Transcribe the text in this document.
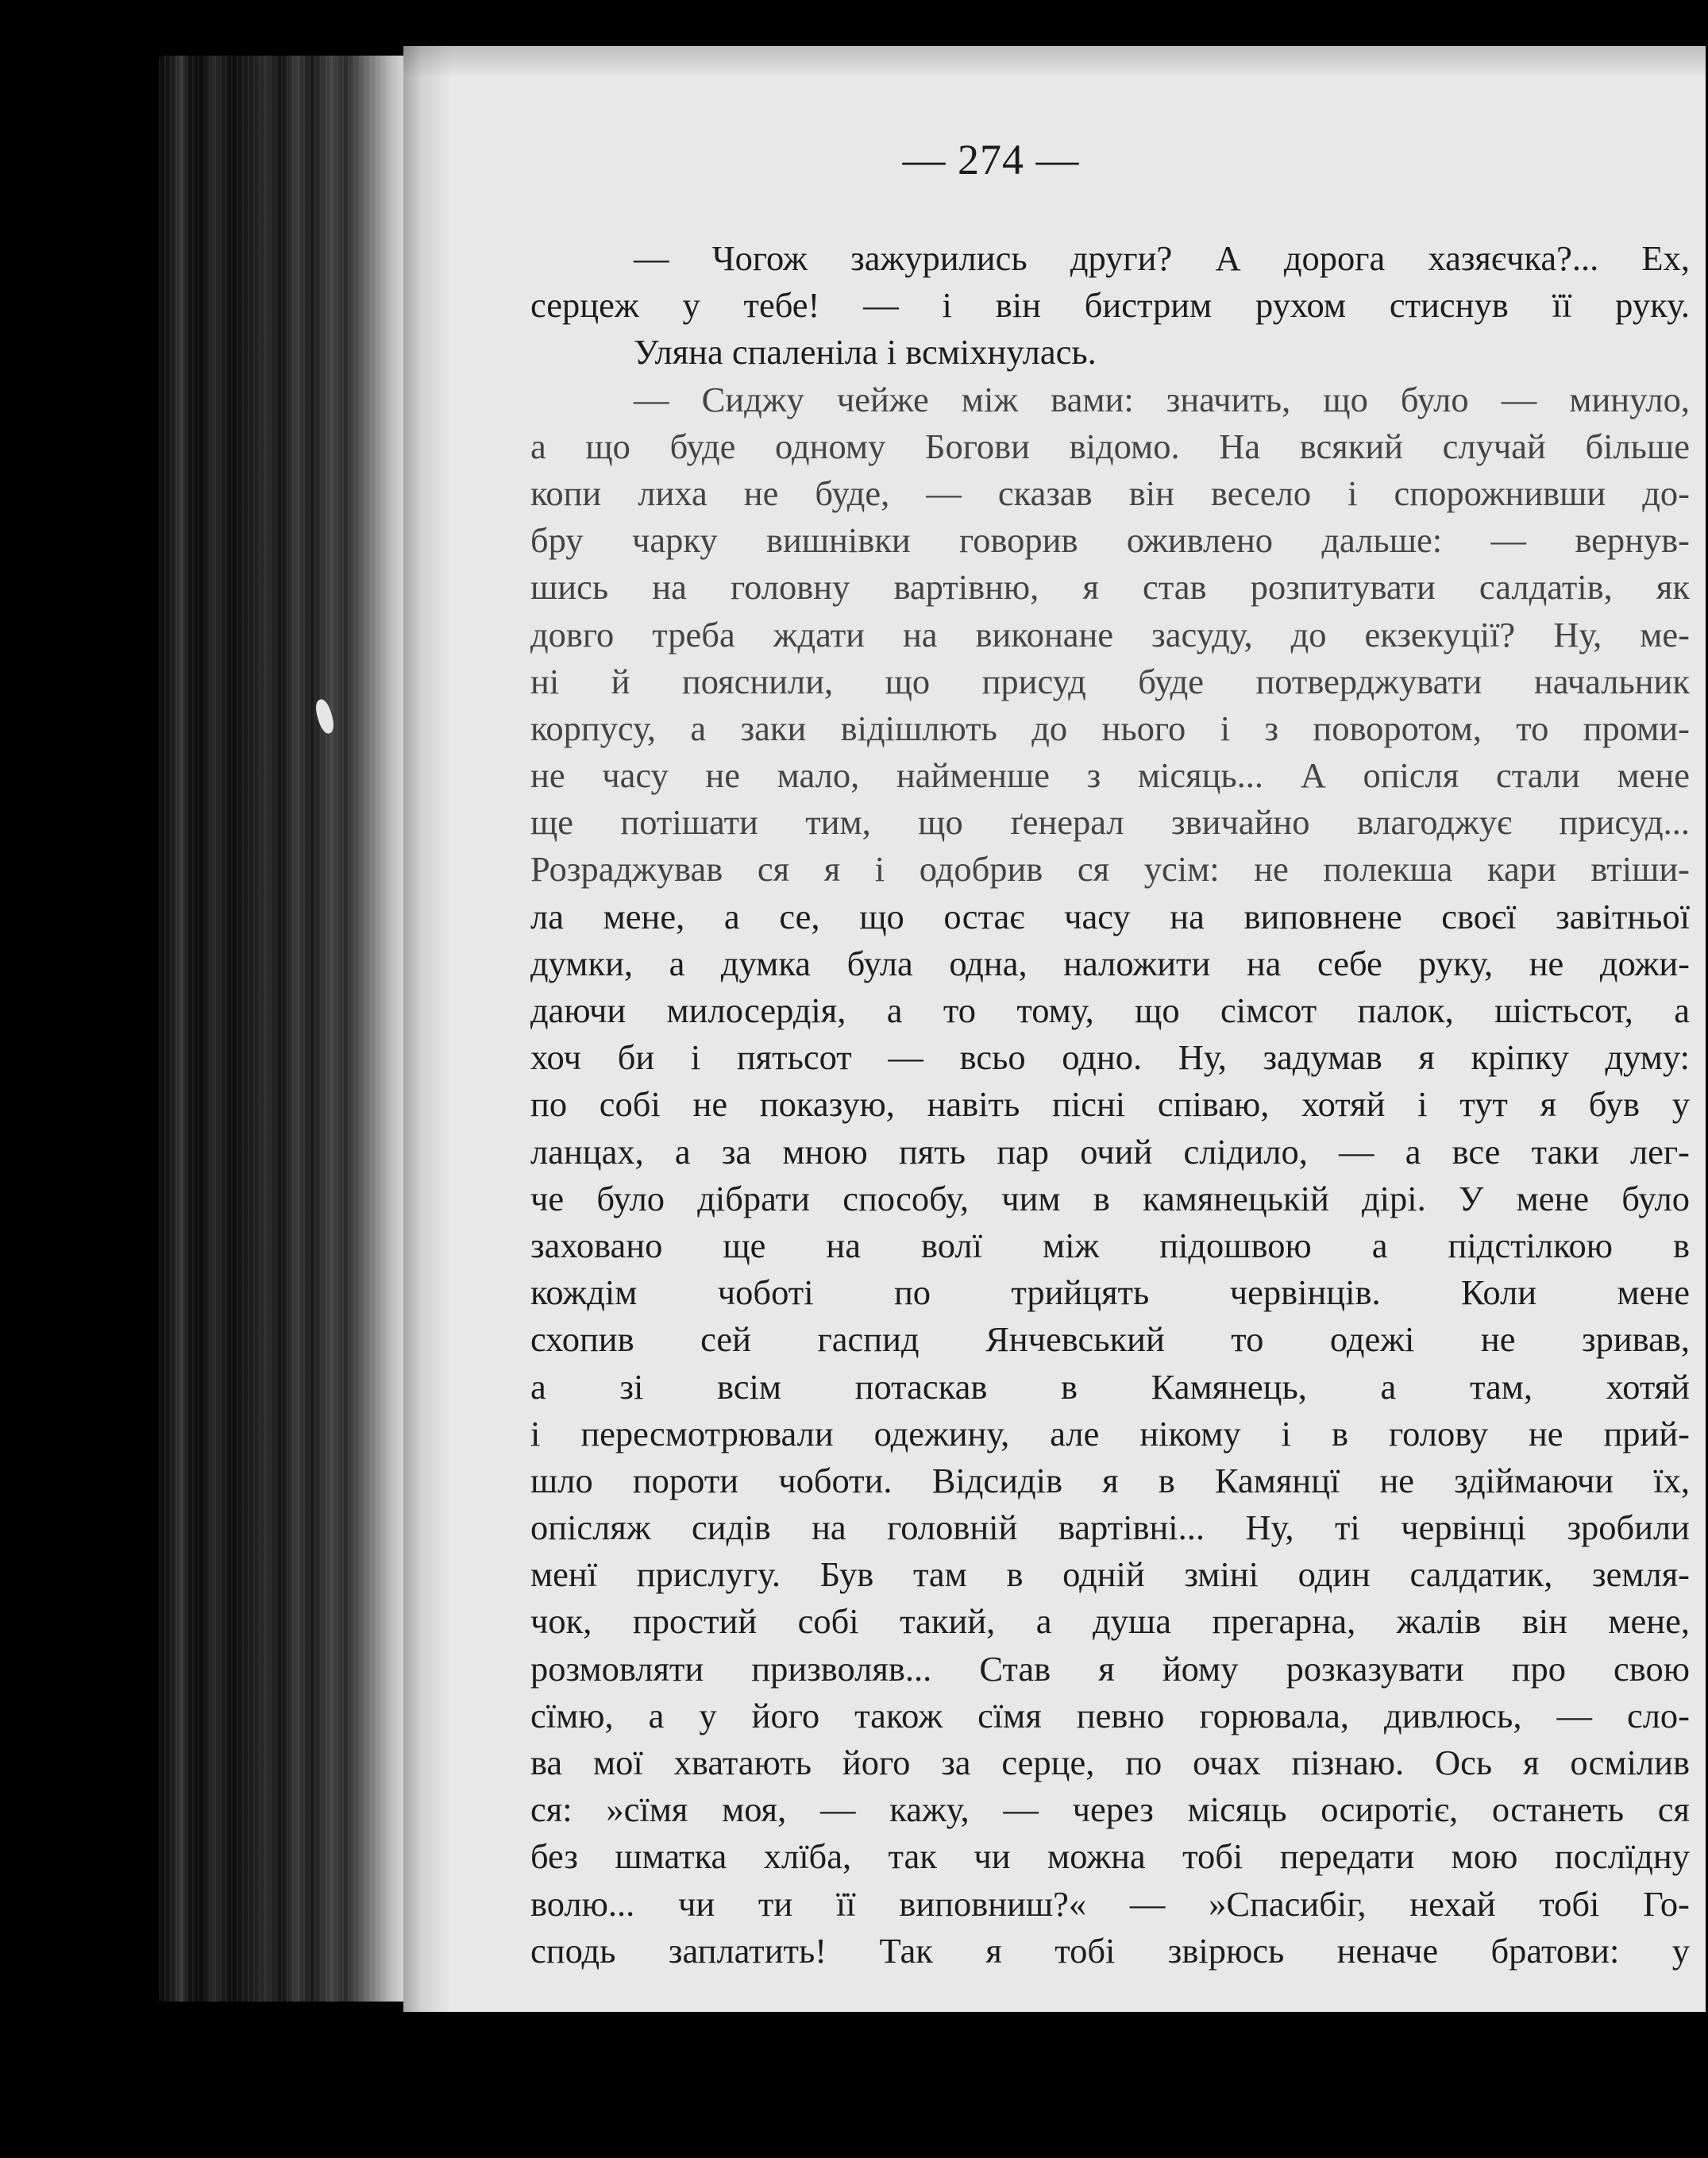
— 274 —
— Чогож зажурились други? А дорога хазяєчка?... Ех,
серцеж у тебе! — і він бистрим рухом стиснув її руку.
Уляна спаленіла і всміхнулась.
— Сиджу чейже між вами: значить, що було — минуло,
а що буде одному Богови відомо. На всякий случай більше
копи лиха не буде, — сказав він весело і спорожнивши до-
бру чарку вишнівки говорив оживлено дальше: — вернув-
шись на головну вартівню, я став розпитувати салдатів, як
довго треба ждати на виконане засуду, до екзекуції? Ну, ме-
ні й пояснили, що присуд буде потверджувати начальник
корпусу, а заки відішлють до нього і з поворотом, то проми-
не часу не мало, найменше з місяць... А опісля стали мене
ще потішати тим, що ґенерал звичайно влагоджує присуд...
Розраджував ся я і одобрив ся усім: не полекша кари втіши-
ла мене, а се, що остає часу на виповнене своєї завітньої
думки, а думка була одна, наложити на себе руку, не дожи-
даючи милосердія, а то тому, що сімсот палок, шістьсот, а
хоч би і пятьсот — всьо одно. Ну, задумав я кріпку думу:
по собі не показую, навіть пісні співаю, хотяй і тут я був у
ланцах, а за мною пять пар очий слідило, — а все таки лег-
че було дібрати способу, чим в камянецькій дірі. У мене було
заховано ще на волї між підошвою а підстілкою в
кождім чоботі по трийцять червінців. Коли мене
схопив сей гаспид Янчевський то одежі не зривав,
а зі всім потаскав в Камянець, а там, хотяй
і пересмотрювали одежину, але нікому і в голову не прий-
шло пороти чоботи. Відсидів я в Камянцї не здіймаючи їх,
опісляж сидів на головній вартівні... Ну, ті червінці зробили
менї прислугу. Був там в одній зміні один салдатик, земля-
чок, простий собі такий, а душа прегарна, жалів він мене,
розмовляти призволяв... Став я йому розказувати про свою
сїмю, а у його також сїмя певно горювала, дивлюсь, — сло-
ва мої хватають його за серце, по очах пізнаю. Ось я осмілив
ся: »сїмя моя, — кажу, — через місяць осиротіє, останеть ся
без шматка хлїба, так чи можна тобі передати мою послїдну
волю... чи ти її виповниш?« — »Спасибіг, нехай тобі Го-
сподь заплатить! Так я тобі звірюсь неначе братови: у
